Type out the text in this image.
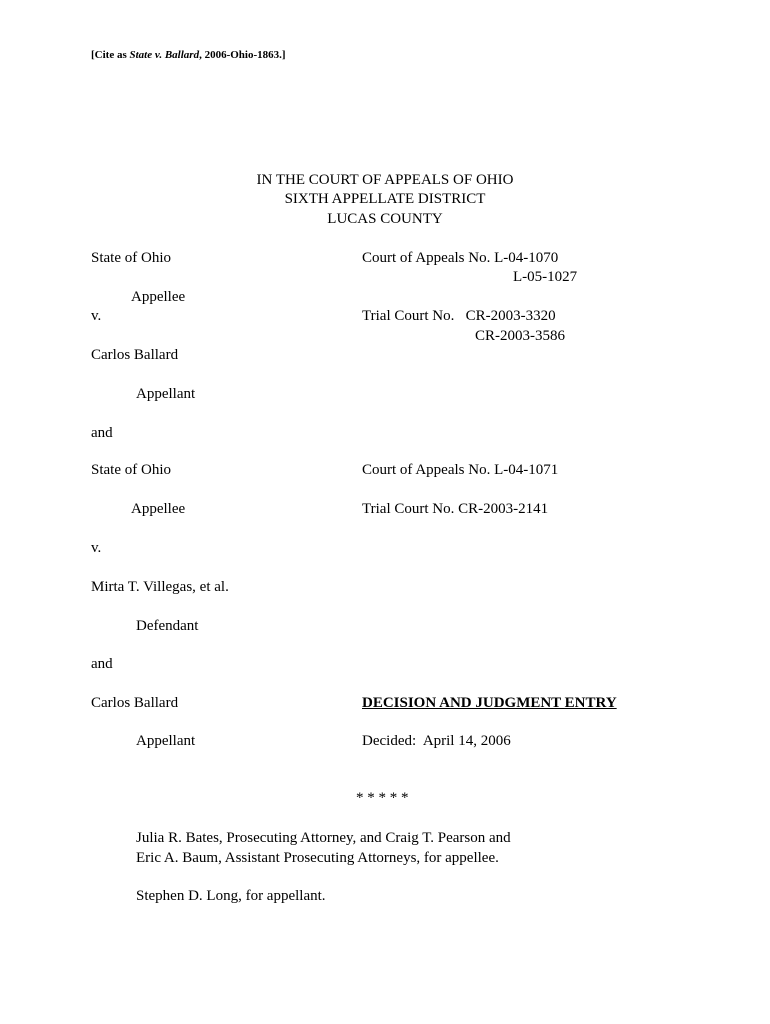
[Cite as State v. Ballard, 2006-Ohio-1863.]
IN THE COURT OF APPEALS OF OHIO
SIXTH APPELLATE DISTRICT
LUCAS COUNTY
State of Ohio
Appellee
v.
Carlos Ballard
Appellant
Court of Appeals No. L-04-1070
L-05-1027
Trial Court No.   CR-2003-3320
CR-2003-3586
and
State of Ohio
Appellee
v.
Mirta T. Villegas, et al.
Defendant
Court of Appeals No. L-04-1071
Trial Court No. CR-2003-2141
and
Carlos Ballard
Appellant
DECISION AND JUDGMENT ENTRY
Decided:  April 14, 2006
* * * * *
Julia R. Bates, Prosecuting Attorney, and Craig T. Pearson and
Eric A. Baum, Assistant Prosecuting Attorneys, for appellee.
Stephen D. Long, for appellant.
